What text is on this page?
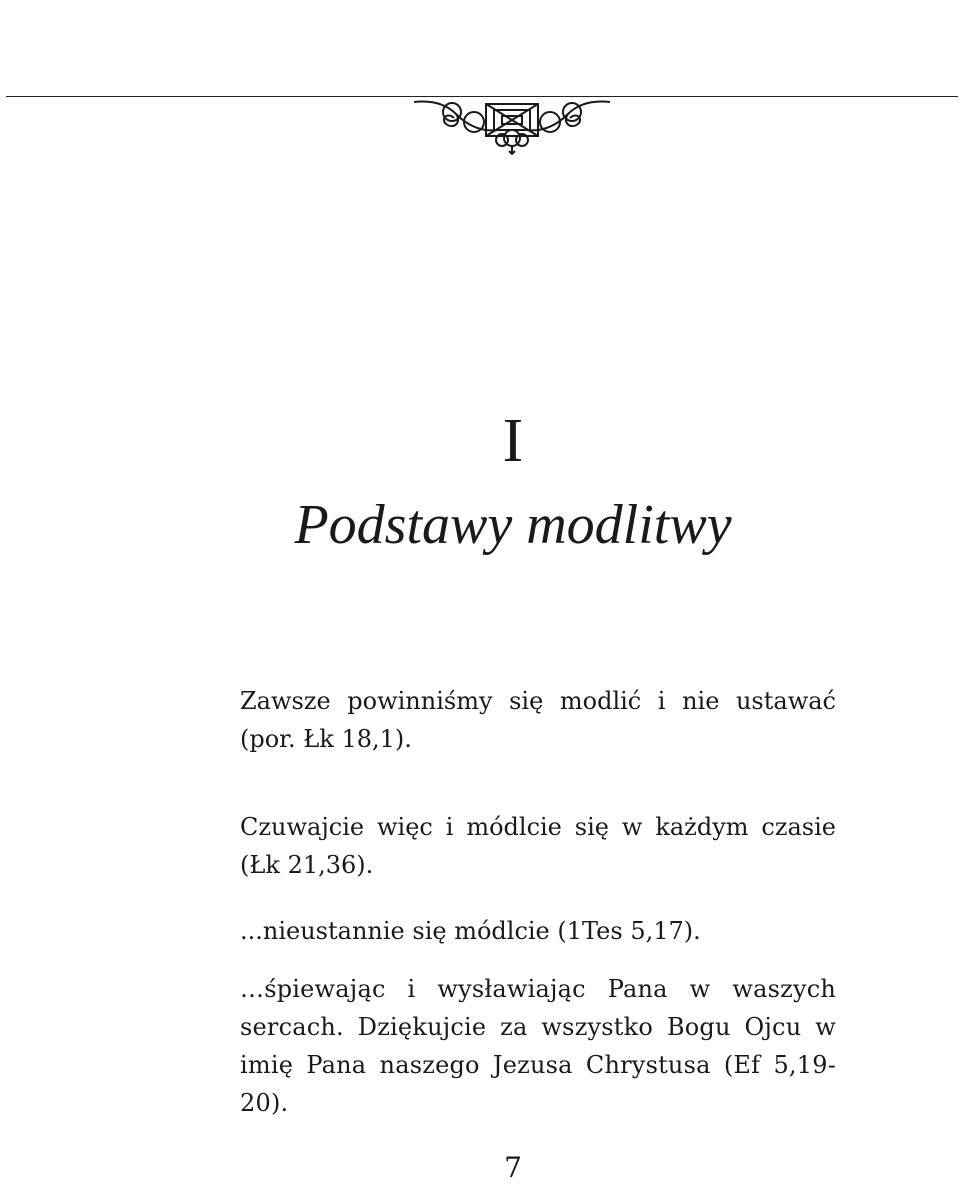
I
Podstawy modlitwy

Zawsze powinniśmy się modlić i nie ustawać (por. Łk 18,1).

Czuwajcie więc i módlcie się w każdym czasie (Łk 21,36).

...nieustannie się módlcie (1Tes 5,17).

…śpiewając i wysławiając Pana w waszych sercach. Dziękujcie za wszystko Bogu Ojcu w imię Pana naszego Jezusa Chrystusa (Ef 5,19-20).

7
